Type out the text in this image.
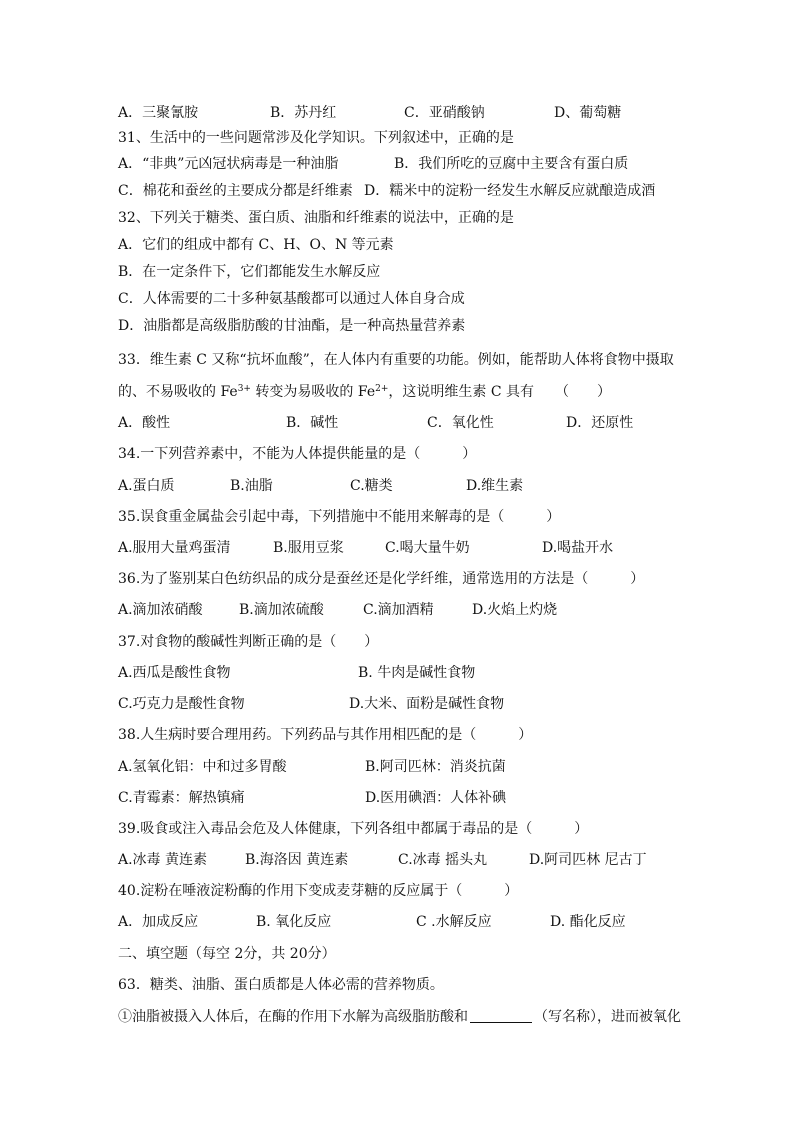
A．三聚氰胺	B．苏丹红	C．亚硝酸钠	D、葡萄糖
31、生活中的一些问题常涉及化学知识。下列叙述中，正确的是
A．“非典”元凶冠状病毒是一种油脂	B．我们所吃的豆腐中主要含有蛋白质
C．棉花和蚕丝的主要成分都是纤维素 D．糯米中的淀粉一经发生水解反应就酿造成酒
32、下列关于糖类、蛋白质、油脂和纤维素的说法中，正确的是
A．它们的组成中都有 C、H、O、N 等元素
B．在一定条件下，它们都能发生水解反应
C．人体需要的二十多种氨基酸都可以通过人体自身合成
D．油脂都是高级脂肪酸的甘油酯，是一种高热量营养素
33．维生素 C 又称“抗坏血酸”，在人体内有重要的功能。例如，能帮助人体将食物中摄取
的、不易吸收的 $Fe^{3+}$ 转变为易吸收的 $Fe^{2+}$，这说明维生素 C 具有　　（　　）
A．酸性	B．碱性	C．氧化性	D．还原性
34.一下列营养素中，不能为人体提供能量的是（　　　）
A.蛋白质	B.油脂	C.糖类	D.维生素
35.误食重金属盐会引起中毒，下列措施中不能用来解毒的是（　　　）
A.服用大量鸡蛋清	B.服用豆浆	C.喝大量牛奶	D.喝盐开水
36.为了鉴别某白色纺织品的成分是蚕丝还是化学纤维，通常选用的方法是（　　　）
A.滴加浓硝酸	B.滴加浓硫酸	C.滴加酒精	D.火焰上灼烧
37.对食物的酸碱性判断正确的是（　　）
A.西瓜是酸性食物	B. 牛肉是碱性食物
C.巧克力是酸性食物	D.大米、面粉是碱性食物
38.人生病时要合理用药。下列药品与其作用相匹配的是（　　　）
A.氢氧化铝：中和过多胃酸	B.阿司匹林：消炎抗菌
C.青霉素：解热镇痛	D.医用碘酒：人体补碘
39.吸食或注入毒品会危及人体健康，下列各组中都属于毒品的是（　　　）
A.冰毒 黄连素	B.海洛因 黄连素	C.冰毒 摇头丸	D.阿司匹林 尼古丁
40.淀粉在唾液淀粉酶的作用下变成麦芽糖的反应属于（　　　）
A．加成反应	B. 氧化反应	C .水解反应	D. 酯化反应
二、填空题（每空 2分，共 20分）
63．糖类、油脂、蛋白质都是人体必需的营养物质。
①油脂被摄入人体后，在酶的作用下水解为高级脂肪酸和	（写名称），进而被氧化
